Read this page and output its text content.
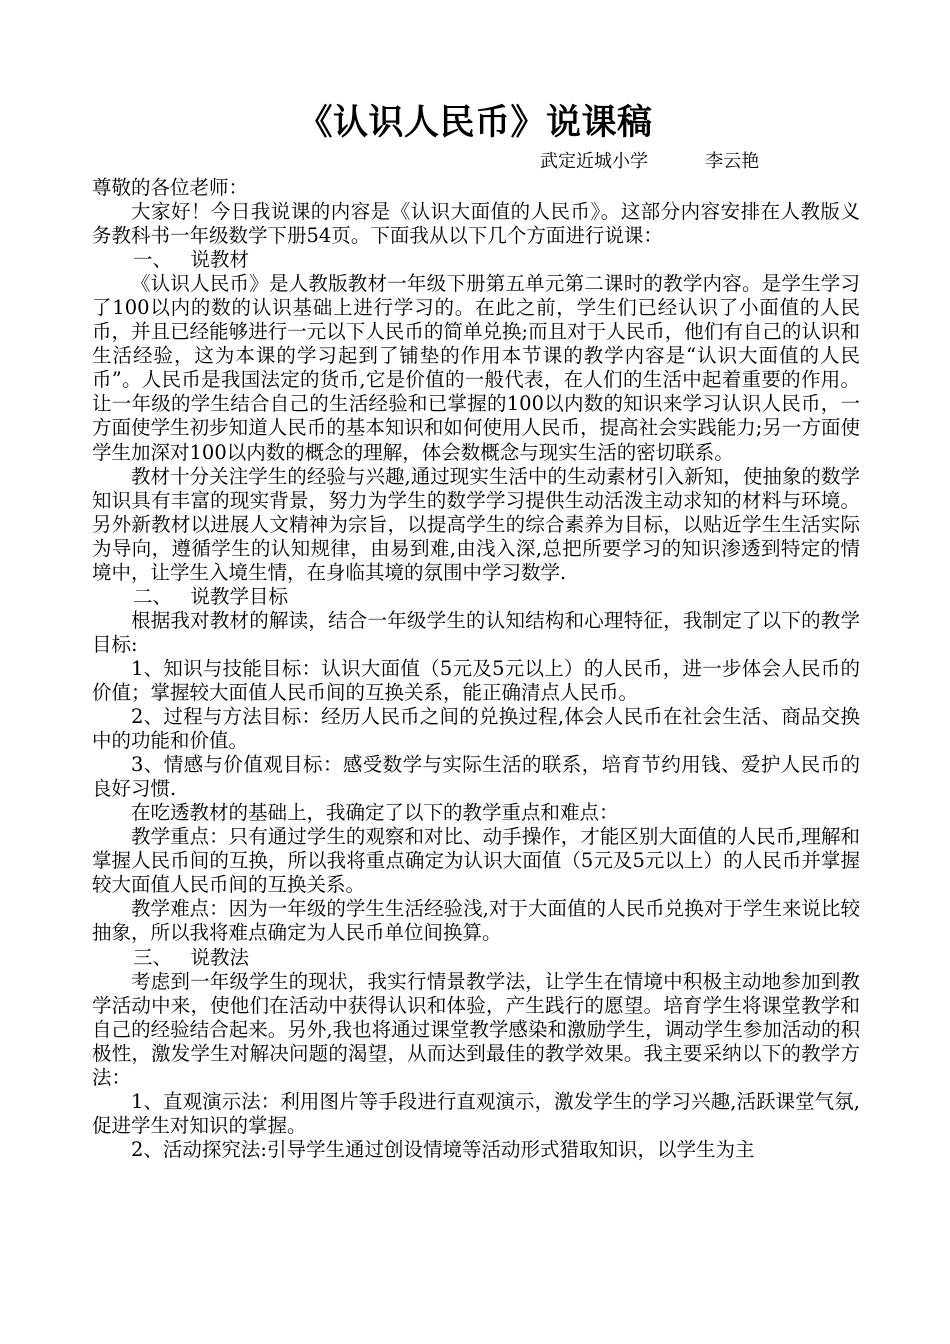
《认识人民币》说课稿
武定近城小学          李云艳

尊敬的各位老师：

大家好！今日我说课的内容是《认识大面值的人民币》。这部分内容安排在人教版义务教科书一年级数学下册54页。下面我从以下几个方面进行说课：

一、   说教材

《认识人民币》是人教版教材一年级下册第五单元第二课时的教学内容。是学生学习了100以内的数的认识基础上进行学习的。在此之前，学生们已经认识了小面值的人民币，并且已经能够进行一元以下人民币的简单兑换;而且对于人民币，他们有自己的认识和生活经验，这为本课的学习起到了铺垫的作用本节课的教学内容是“认识大面值的人民币”。人民币是我国法定的货币,它是价值的一般代表，在人们的生活中起着重要的作用。让一年级的学生结合自己的生活经验和已掌握的100以内数的知识来学习认识人民币，一方面使学生初步知道人民币的基本知识和如何使用人民币，提高社会实践能力;另一方面使学生加深对100以内数的概念的理解，体会数概念与现实生活的密切联系。

教材十分关注学生的经验与兴趣,通过现实生活中的生动素材引入新知，使抽象的数学知识具有丰富的现实背景，努力为学生的数学学习提供生动活泼主动求知的材料与环境。另外新教材以进展人文精神为宗旨，以提高学生的综合素养为目标，以贴近学生生活实际为导向，遵循学生的认知规律，由易到难,由浅入深,总把所要学习的知识渗透到特定的情境中，让学生入境生情，在身临其境的氛围中学习数学.

二、   说教学目标

根据我对教材的解读，结合一年级学生的认知结构和心理特征，我制定了以下的教学目标:

1、知识与技能目标：认识大面值（5元及5元以上）的人民币，进一步体会人民币的价值；掌握较大面值人民币间的互换关系，能正确清点人民币。

2、过程与方法目标：经历人民币之间的兑换过程,体会人民币在社会生活、商品交换中的功能和价值。

3、情感与价值观目标：感受数学与实际生活的联系，培育节约用钱、爱护人民币的良好习惯.

在吃透教材的基础上，我确定了以下的教学重点和难点：

教学重点：只有通过学生的观察和对比、动手操作，才能区别大面值的人民币,理解和掌握人民币间的互换，所以我将重点确定为认识大面值（5元及5元以上）的人民币并掌握较大面值人民币间的互换关系。

教学难点：因为一年级的学生生活经验浅,对于大面值的人民币兑换对于学生来说比较抽象，所以我将难点确定为人民币单位间换算。

三、   说教法

考虑到一年级学生的现状，我实行情景教学法，让学生在情境中积极主动地参加到教学活动中来，使他们在活动中获得认识和体验，产生践行的愿望。培育学生将课堂教学和自己的经验结合起来。另外,我也将通过课堂教学感染和激励学生，调动学生参加活动的积极性，激发学生对解决问题的渴望，从而达到最佳的教学效果。我主要采纳以下的教学方法：

1、直观演示法：利用图片等手段进行直观演示，激发学生的学习兴趣,活跃课堂气氛,促进学生对知识的掌握。

2、活动探究法:引导学生通过创设情境等活动形式猎取知识，以学生为主
